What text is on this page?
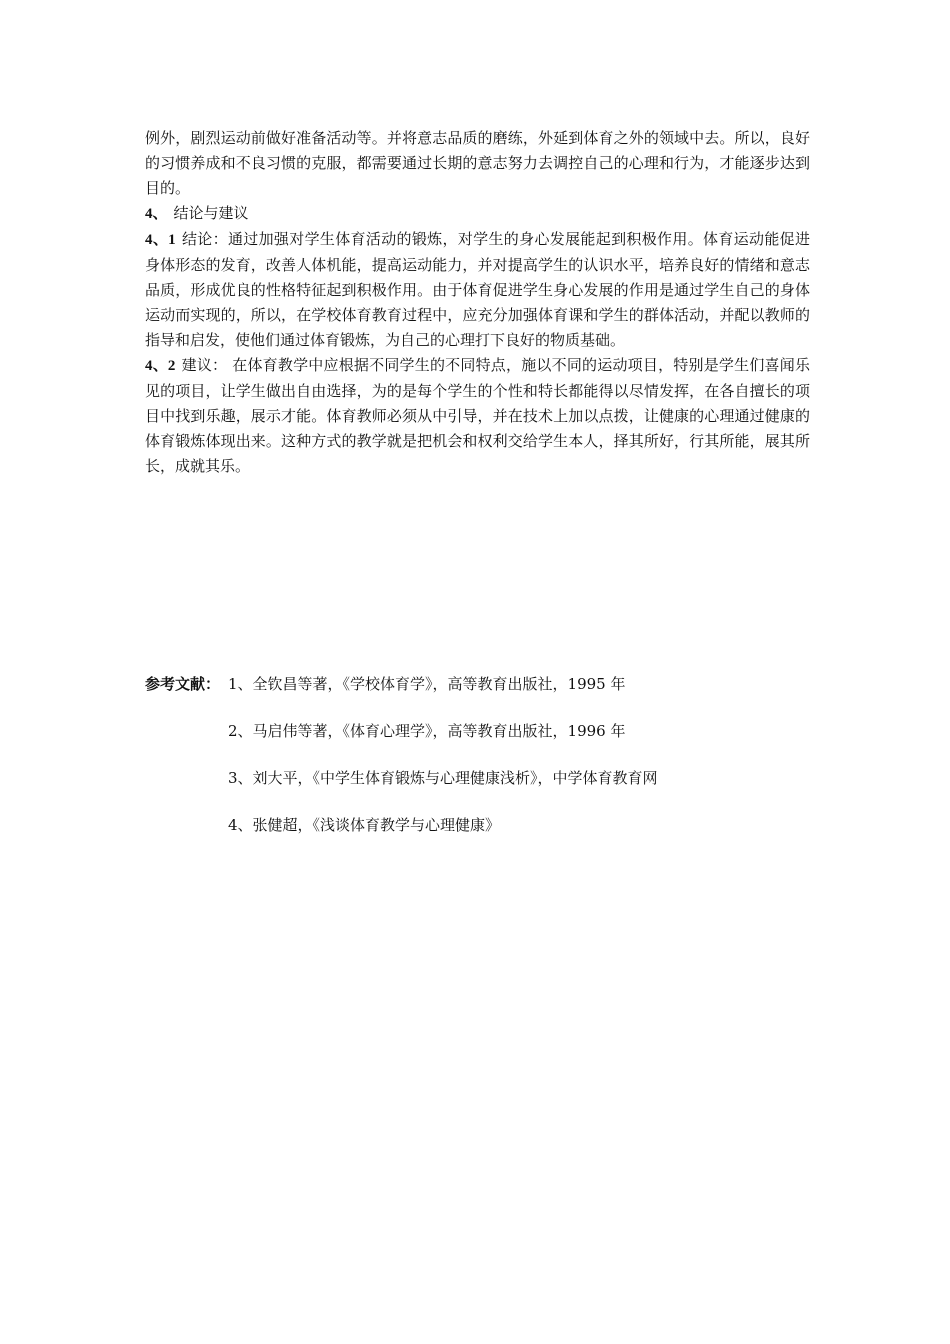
例外，剧烈运动前做好准备活动等。并将意志品质的磨练，外延到体育之外的领域中去。所以，良好的习惯养成和不良习惯的克服，都需要通过长期的意志努力去调控自己的心理和行为，才能逐步达到目的。

4、 结论与建议

4、1 结论：通过加强对学生体育活动的锻炼，对学生的身心发展能起到积极作用。体育运动能促进身体形态的发育，改善人体机能，提高运动能力，并对提高学生的认识水平，培养良好的情绪和意志品质，形成优良的性格特征起到积极作用。由于体育促进学生身心发展的作用是通过学生自己的身体运动而实现的，所以，在学校体育教育过程中，应充分加强体育课和学生的群体活动，并配以教师的指导和启发，使他们通过体育锻炼，为自己的心理打下良好的物质基础。

4、2 建议： 在体育教学中应根据不同学生的不同特点，施以不同的运动项目，特别是学生们喜闻乐见的项目，让学生做出自由选择，为的是每个学生的个性和特长都能得以尽情发挥，在各自擅长的项目中找到乐趣，展示才能。体育教师必须从中引导，并在技术上加以点拨，让健康的心理通过健康的体育锻炼体现出来。这种方式的教学就是把机会和权利交给学生本人，择其所好，行其所能，展其所长，成就其乐。

参考文献： 1、全钦昌等著，《学校体育学》，高等教育出版社，1995 年
2、马启伟等著，《体育心理学》，高等教育出版社，1996 年
3、刘大平，《中学生体育锻炼与心理健康浅析》，中学体育教育网
4、张健超，《浅谈体育教学与心理健康》
